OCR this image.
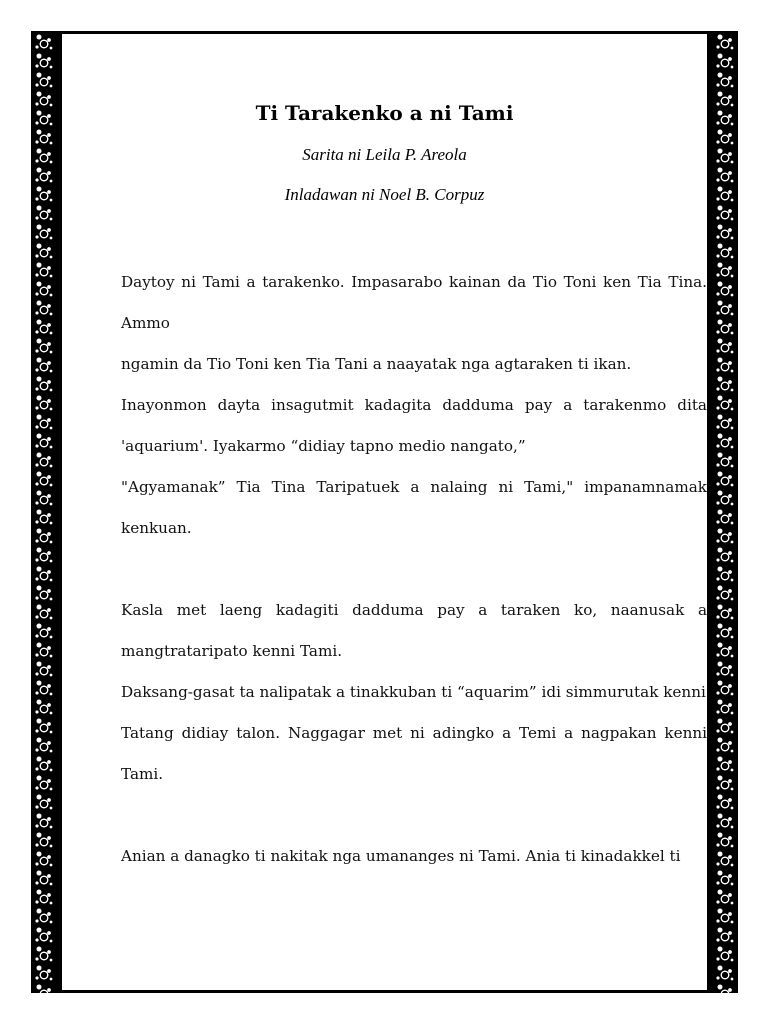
Ti Tarakenko a ni Tami

Sarita ni Leila P. Areola

Inladawan ni Noel B. Corpuz

Daytoy ni Tami a tarakenko. Impasarabo kainan da Tio Toni ken Tia Tina. Ammo

ngamin da Tio Toni ken Tia Tani a naayatak nga agtaraken ti ikan.

Inayonmon dayta insagutmit kadagita dadduma pay a tarakenmo dita 'aquarium'. Iyakarmo “didiay tapno medio nangato,”

"Agyamanak” Tia Tina Taripatuek a nalaing ni Tami," impanamnamak kenkuan.

Kasla met laeng kadagiti dadduma pay a taraken ko, naanusak a mangtrataripato kenni Tami.

Daksang-gasat ta nalipatak a tinakkuban ti “aquarim” idi simmurutak kenni

Tatang didiay talon. Naggagar met ni adingko a Temi a nagpakan kenni Tami.

Anian a danagko ti nakitak nga umananges ni Tami. Ania ti kinadakkel ti
